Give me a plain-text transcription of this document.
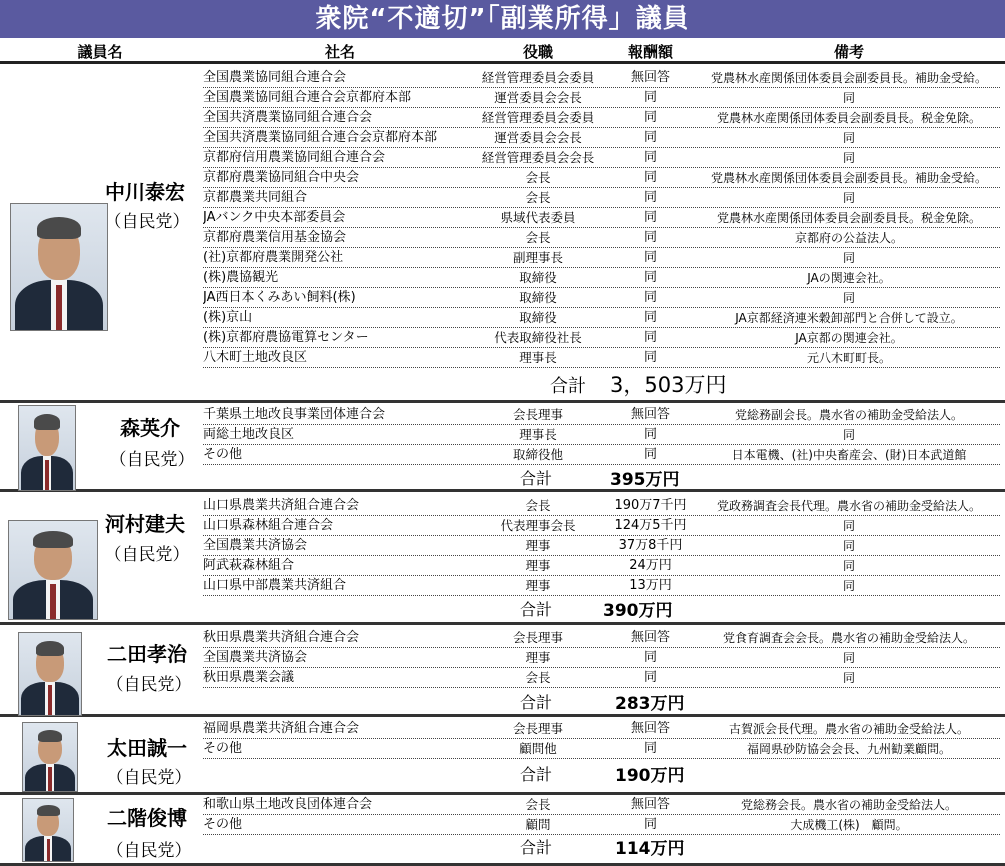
衆院“不適切”「副業所得」議員
議員名	社名	役職	報酬額	備考
中川泰宏
（自民党）
全国農業協同組合連合会	経営管理委員会委員	無回答	党農林水産関係団体委員会副委員長。補助金受給。
全国農業協同組合連合会京都府本部	運営委員会会長	同	同
全国共済農業協同組合連合会	経営管理委員会委員	同	党農林水産関係団体委員会副委員長。税金免除。
全国共済農業協同組合連合会京都府本部	運営委員会会長	同	同
京都府信用農業協同組合連合会	経営管理委員会会長	同	同
京都府農業協同組合中央会	会長	同	党農林水産関係団体委員会副委員長。補助金受給。
京都農業共同組合	会長	同	同
JAバンク中央本部委員会	県域代表委員	同	党農林水産関係団体委員会副委員長。税金免除。
京都府農業信用基金協会	会長	同	京都府の公益法人。
(社)京都府農業開発公社	副理事長	同	同
(株)農協観光	取締役	同	JAの関連会社。
JA西日本くみあい飼料(株)	取締役	同	同
(株)京山	取締役	同	JA京都経済連米穀卸部門と合併して設立。
(株)京都府農協電算センター	代表取締役社長	同	JA京都の関連会社。
八木町土地改良区	理事長	同	元八木町町長。
合計 3，503万円
森英介
（自民党）
千葉県土地改良事業団体連合会	会長理事	無回答	党総務副会長。農水省の補助金受給法人。
両総土地改良区	理事長	同	同
その他	取締役他	同	日本電機、(社)中央畜産会、(財)日本武道館
合計	395万円
河村建夫
（自民党）
山口県農業共済組合連合会	会長	190万7千円	党政務調査会長代理。農水省の補助金受給法人。
山口県森林組合連合会	代表理事会長	124万5千円	同
全国農業共済協会	理事	37万8千円	同
阿武萩森林組合	理事	24万円	同
山口県中部農業共済組合	理事	13万円	同
合計	390万円
二田孝治
（自民党）
秋田県農業共済組合連合会	会長理事	無回答	党食育調査会会長。農水省の補助金受給法人。
全国農業共済協会	理事	同	同
秋田県農業会議	会長	同	同
合計	283万円
太田誠一
（自民党）
福岡県農業共済組合連合会	会長理事	無回答	古賀派会長代理。農水省の補助金受給法人。
その他	顧問他	同	福岡県砂防協会会長、九州勧業顧問。
合計	190万円
二階俊博
（自民党）
和歌山県土地改良団体連合会	会長	無回答	党総務会長。農水省の補助金受給法人。
その他	顧問	同	大成機工(株)　顧問。
合計	114万円
